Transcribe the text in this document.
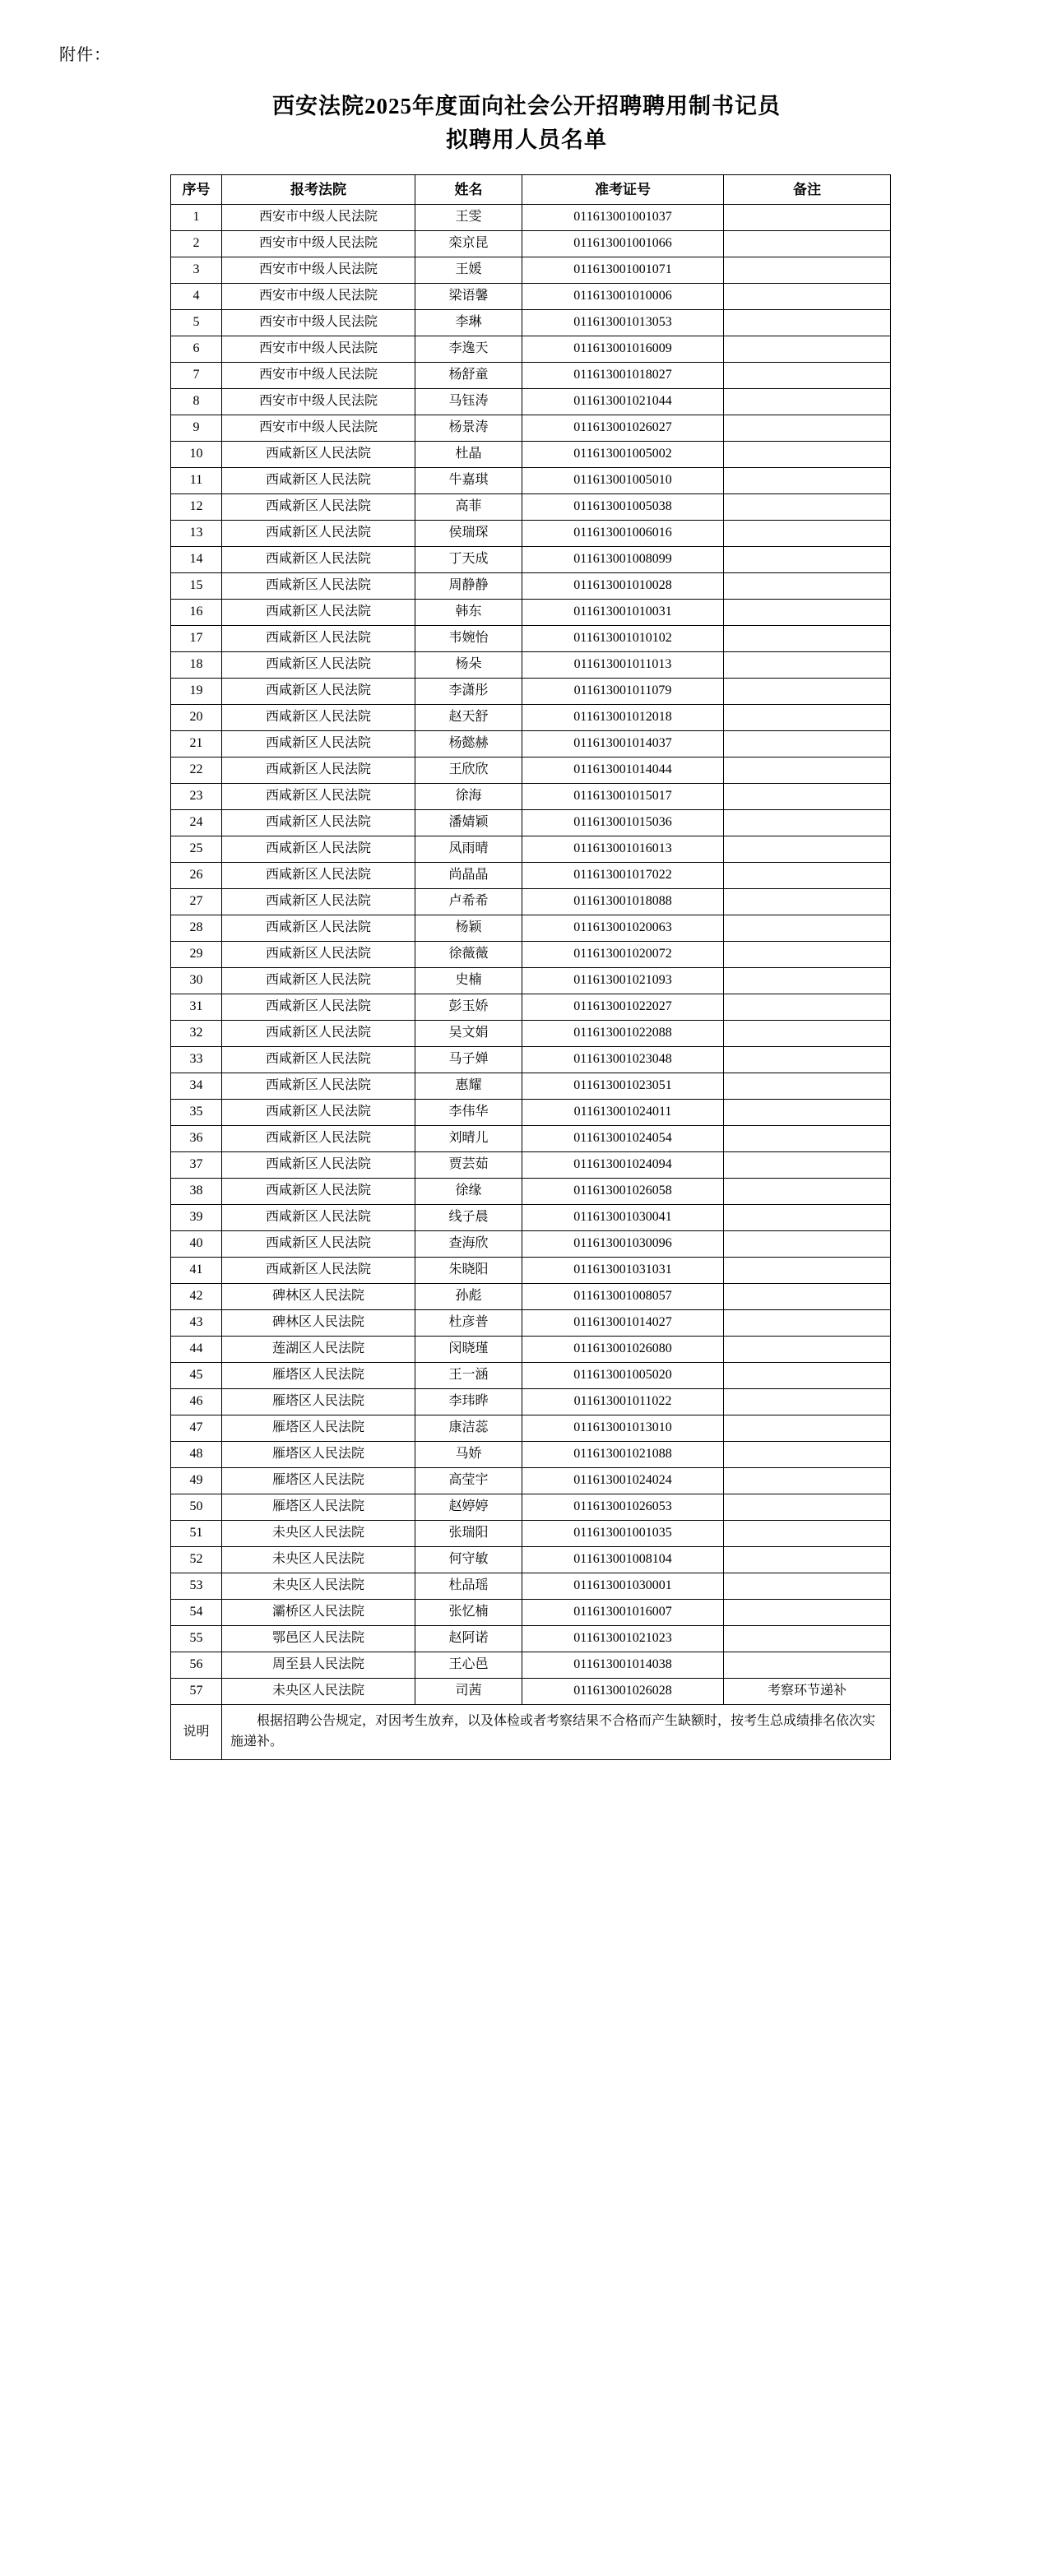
附件：
西安法院2025年度面向社会公开招聘聘用制书记员
拟聘用人员名单
序号	报考法院	姓名	准考证号	备注
1	西安市中级人民法院	王雯	011613001001037	
2	西安市中级人民法院	栾京昆	011613001001066	
3	西安市中级人民法院	王媛	011613001001071	
4	西安市中级人民法院	梁语馨	011613001010006	
5	西安市中级人民法院	李琳	011613001013053	
6	西安市中级人民法院	李逸天	011613001016009	
7	西安市中级人民法院	杨舒童	011613001018027	
8	西安市中级人民法院	马钰涛	011613001021044	
9	西安市中级人民法院	杨景涛	011613001026027	
10	西咸新区人民法院	杜晶	011613001005002	
11	西咸新区人民法院	牛嘉琪	011613001005010	
12	西咸新区人民法院	高菲	011613001005038	
13	西咸新区人民法院	侯瑞琛	011613001006016	
14	西咸新区人民法院	丁天成	011613001008099	
15	西咸新区人民法院	周静静	011613001010028	
16	西咸新区人民法院	韩东	011613001010031	
17	西咸新区人民法院	韦婉怡	011613001010102	
18	西咸新区人民法院	杨朵	011613001011013	
19	西咸新区人民法院	李潇彤	011613001011079	
20	西咸新区人民法院	赵天舒	011613001012018	
21	西咸新区人民法院	杨懿赫	011613001014037	
22	西咸新区人民法院	王欣欣	011613001014044	
23	西咸新区人民法院	徐海	011613001015017	
24	西咸新区人民法院	潘婧颖	011613001015036	
25	西咸新区人民法院	凤雨晴	011613001016013	
26	西咸新区人民法院	尚晶晶	011613001017022	
27	西咸新区人民法院	卢希希	011613001018088	
28	西咸新区人民法院	杨颖	011613001020063	
29	西咸新区人民法院	徐薇薇	011613001020072	
30	西咸新区人民法院	史楠	011613001021093	
31	西咸新区人民法院	彭玉娇	011613001022027	
32	西咸新区人民法院	吴文娟	011613001022088	
33	西咸新区人民法院	马子婵	011613001023048	
34	西咸新区人民法院	惠耀	011613001023051	
35	西咸新区人民法院	李伟华	011613001024011	
36	西咸新区人民法院	刘晴儿	011613001024054	
37	西咸新区人民法院	贾芸茹	011613001024094	
38	西咸新区人民法院	徐缘	011613001026058	
39	西咸新区人民法院	线子晨	011613001030041	
40	西咸新区人民法院	查海欣	011613001030096	
41	西咸新区人民法院	朱晓阳	011613001031031	
42	碑林区人民法院	孙彪	011613001008057	
43	碑林区人民法院	杜彦普	011613001014027	
44	莲湖区人民法院	闵晓瑾	011613001026080	
45	雁塔区人民法院	王一涵	011613001005020	
46	雁塔区人民法院	李玮晔	011613001011022	
47	雁塔区人民法院	康洁蕊	011613001013010	
48	雁塔区人民法院	马娇	011613001021088	
49	雁塔区人民法院	高莹宇	011613001024024	
50	雁塔区人民法院	赵婷婷	011613001026053	
51	未央区人民法院	张瑞阳	011613001001035	
52	未央区人民法院	何守敏	011613001008104	
53	未央区人民法院	杜品瑶	011613001030001	
54	灞桥区人民法院	张忆楠	011613001016007	
55	鄂邑区人民法院	赵阿诺	011613001021023	
56	周至县人民法院	王心邑	011613001014038	
57	未央区人民法院	司茜	011613001026028	考察环节递补
说明	根据招聘公告规定，对因考生放弃，以及体检或者考察结果不合格而产生缺额时，按考生总成绩排名依次实施递补。			
